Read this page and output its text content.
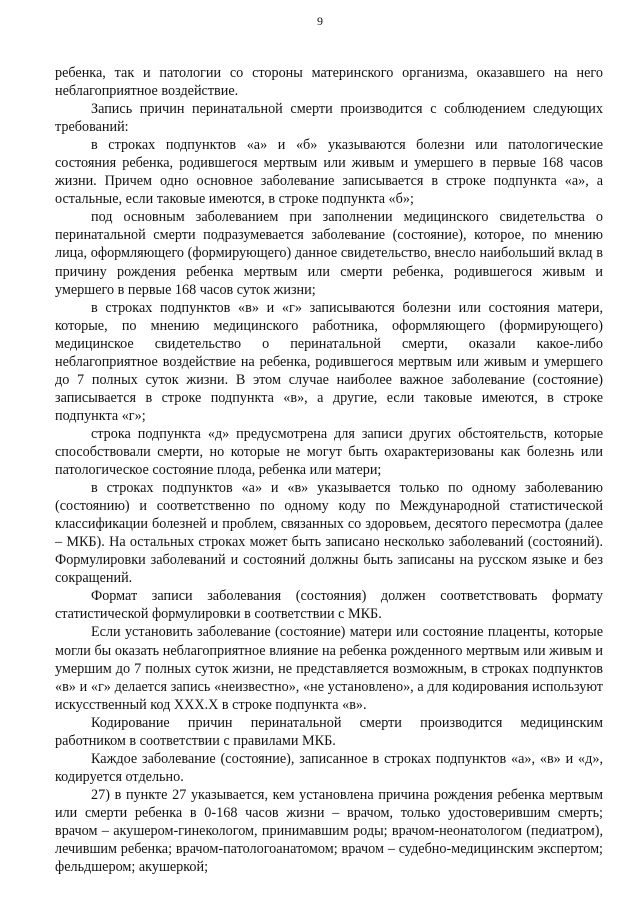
9

ребенка, так и патологии со стороны материнского организма, оказавшего на него неблагоприятное воздействие.

Запись причин перинатальной смерти производится с соблюдением следующих требований:

в строках подпунктов «а» и «б» указываются болезни или патологические состояния ребенка, родившегося мертвым или живым и умершего в первые 168 часов жизни. Причем одно основное заболевание записывается в строке подпункта «а», а остальные, если таковые имеются, в строке подпункта «б»;

под основным заболеванием при заполнении медицинского свидетельства о перинатальной смерти подразумевается заболевание (состояние), которое, по мнению лица, оформляющего (формирующего) данное свидетельство, внесло наибольший вклад в причину рождения ребенка мертвым или смерти ребенка, родившегося живым и умершего в первые 168 часов суток жизни;

в строках подпунктов «в» и «г» записываются болезни или состояния матери, которые, по мнению медицинского работника, оформляющего (формирующего) медицинское свидетельство о перинатальной смерти, оказали какое-либо неблагоприятное воздействие на ребенка, родившегося мертвым или живым и умершего до 7 полных суток жизни. В этом случае наиболее важное заболевание (состояние) записывается в строке подпункта «в», а другие, если таковые имеются, в строке подпункта «г»;

строка подпункта «д» предусмотрена для записи других обстоятельств, которые способствовали смерти, но которые не могут быть охарактеризованы как болезнь или патологическое состояние плода, ребенка или матери;

в строках подпунктов «а» и «в» указывается только по одному заболеванию (состоянию) и соответственно по одному коду по Международной статистической классификации болезней и проблем, связанных со здоровьем, десятого пересмотра (далее – МКБ). На остальных строках может быть записано несколько заболеваний (состояний). Формулировки заболеваний и состояний должны быть записаны на русском языке и без сокращений.

Формат записи заболевания (состояния) должен соответствовать формату статистической формулировки в соответствии с МКБ.

Если установить заболевание (состояние) матери или состояние плаценты, которые могли бы оказать неблагоприятное влияние на ребенка рожденного мертвым или живым и умершим до 7 полных суток жизни, не представляется возможным, в строках подпунктов «в» и «г» делается запись «неизвестно», «не установлено», а для кодирования используют искусственный код XXX.X в строке подпункта «в».

Кодирование причин перинатальной смерти производится медицинским работником в соответствии с правилами МКБ.

Каждое заболевание (состояние), записанное в строках подпунктов «а», «в» и «д», кодируется отдельно.

27) в пункте 27 указывается, кем установлена причина рождения ребенка мертвым или смерти ребенка в 0-168 часов жизни – врачом, только удостоверившим смерть; врачом – акушером-гинекологом, принимавшим роды; врачом-неонатологом (педиатром), лечившим ребенка; врачом-патологоанатомом; врачом – судебно-медицинским экспертом; фельдшером; акушеркой;
